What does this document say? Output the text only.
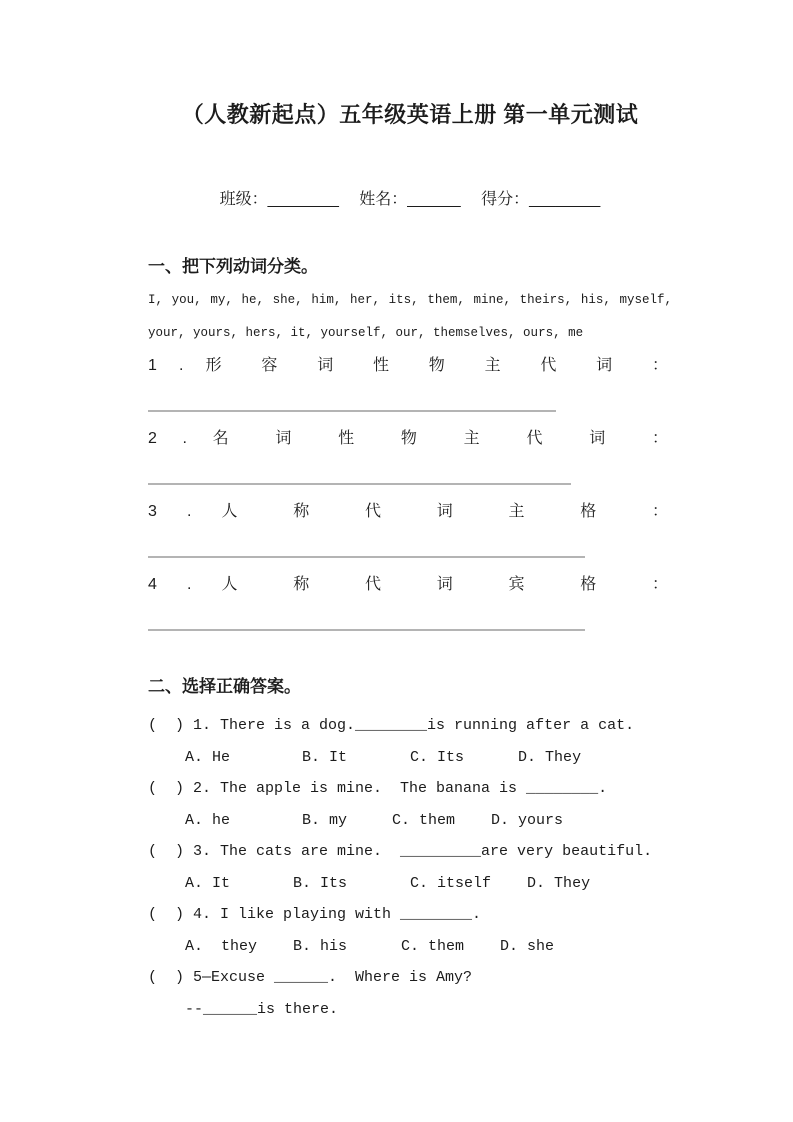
（人教新起点）五年级英语上册 第一单元测试
班级：________　 姓名：______　 得分：________
一、把下列动词分类。
I, you, my, he, she, him, her, its, them, mine, theirs, his, myself,
your, yours, hers, it, yourself, our, themselves, ours, me
1 . 形 容 词 性 物 主 代 词 ：
2 . 名 词 性 物 主 代 词 ：
3 . 人 称 代 词 主 格 ：
4 . 人 称 代 词 宾 格 ：
二、选择正确答案。
(  ) 1. There is a dog.________is running after a cat.
A. He        B. It       C. Its      D. They
(  ) 2. The apple is mine.  The banana is ________.
A. he        B. my     C. them    D. yours
(  ) 3. The cats are mine.  _________are very beautiful.
A. It       B. Its       C. itself    D. They
(  ) 4. I like playing with ________.
A.  they    B. his      C. them    D. she
(  ) 5—Excuse ______.  Where is Amy?
--______is there.
